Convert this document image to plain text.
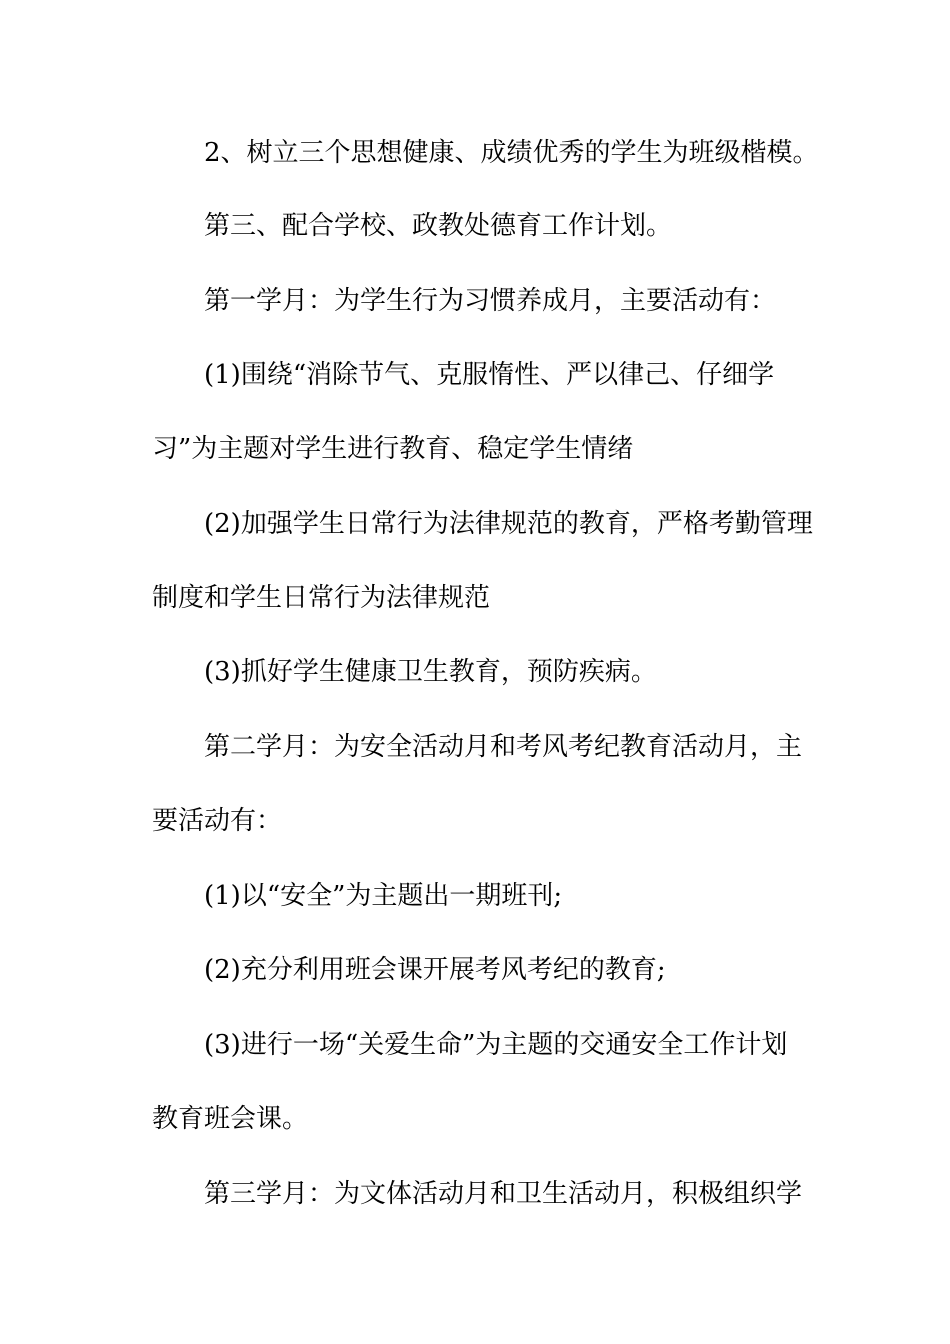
2、树立三个思想健康、成绩优秀的学生为班级楷模。

第三、配合学校、政教处德育工作计划。

第一学月：为学生行为习惯养成月，主要活动有：

(1)围绕“消除节气、克服惰性、严以律己、仔细学

习”为主题对学生进行教育、稳定学生情绪

(2)加强学生日常行为法律规范的教育，严格考勤管理

制度和学生日常行为法律规范

(3)抓好学生健康卫生教育，预防疾病。

第二学月：为安全活动月和考风考纪教育活动月，主

要活动有：

(1)以“安全”为主题出一期班刊;

(2)充分利用班会课开展考风考纪的教育;

(3)进行一场“关爱生命”为主题的交通安全工作计划

教育班会课。

第三学月：为文体活动月和卫生活动月，积极组织学
